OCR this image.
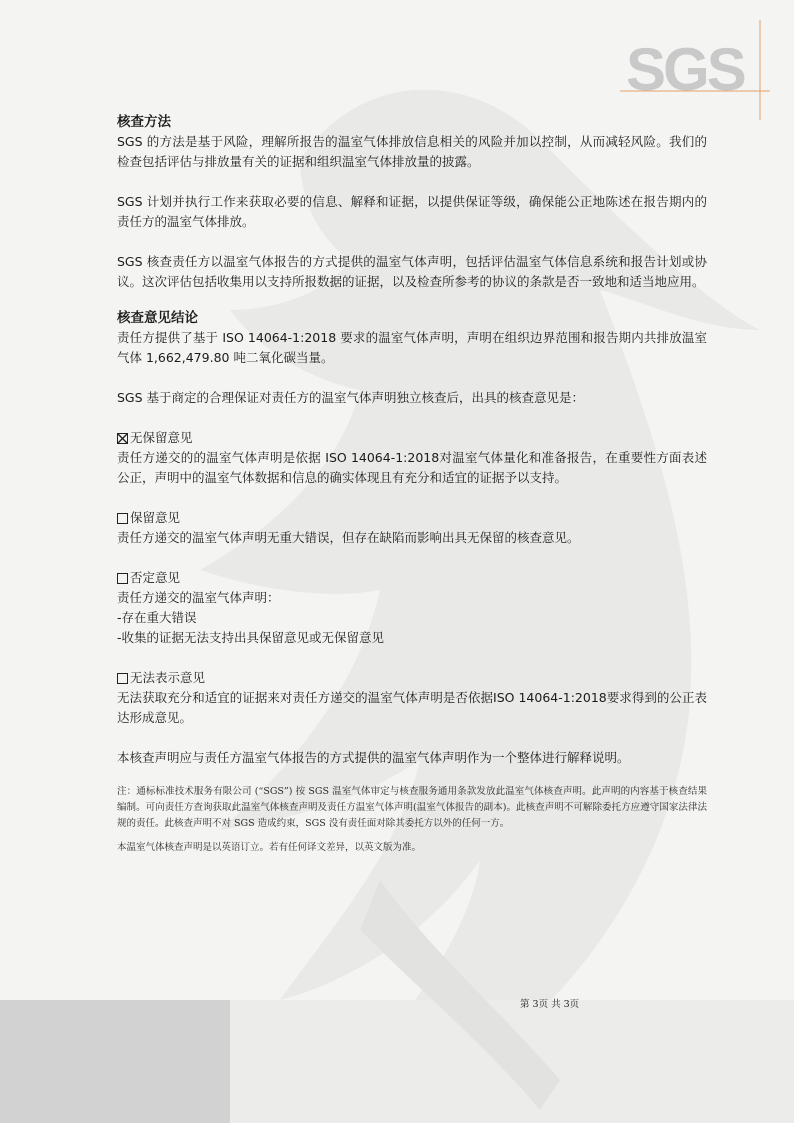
SGS

核查方法

SGS 的方法是基于风险，理解所报告的温室气体排放信息相关的风险并加以控制，从而减轻风险。我们的检查包括评估与排放量有关的证据和组织温室气体排放量的披露。

SGS 计划并执行工作来获取必要的信息、解释和证据，以提供保证等级，确保能公正地陈述在报告期内的责任方的温室气体排放。

SGS 核查责任方以温室气体报告的方式提供的温室气体声明，包括评估温室气体信息系统和报告计划或协议。这次评估包括收集用以支持所报数据的证据，以及检查所参考的协议的条款是否一致地和适当地应用。

核查意见结论

责任方提供了基于 ISO 14064-1:2018 要求的温室气体声明，声明在组织边界范围和报告期内共排放温室气体 1,662,479.80 吨二氧化碳当量。

SGS 基于商定的合理保证对责任方的温室气体声明独立核查后，出具的核查意见是：

无保留意见

责任方递交的的温室气体声明是依据 ISO 14064-1:2018对温室气体量化和准备报告，在重要性方面表述公正，声明中的温室气体数据和信息的确实体现且有充分和适宜的证据予以支持。

保留意见

责任方递交的温室气体声明无重大错误，但存在缺陷而影响出具无保留的核查意见。

否定意见

责任方递交的温室气体声明：

-存在重大错误

-收集的证据无法支持出具保留意见或无保留意见

无法表示意见

无法获取充分和适宜的证据来对责任方递交的温室气体声明是否依据ISO 14064-1:2018要求得到的公正表达形成意见。

本核查声明应与责任方温室气体报告的方式提供的温室气体声明作为一个整体进行解释说明。

注：通标标准技术服务有限公司 (“SGS”) 按 SGS 温室气体审定与核查服务通用条款发放此温室气体核查声明。此声明的内容基于核查结果编制。可向责任方查询获取此温室气体核查声明及责任方温室气体声明(温室气体报告的副本)。此核查声明不可解除委托方应遵守国家法律法规的责任。此核查声明不对 SGS 造成约束，SGS 没有责任面对除其委托方以外的任何一方。

本温室气体核查声明是以英语订立。若有任何译文差异，以英文版为准。

第 3页 共 3页
